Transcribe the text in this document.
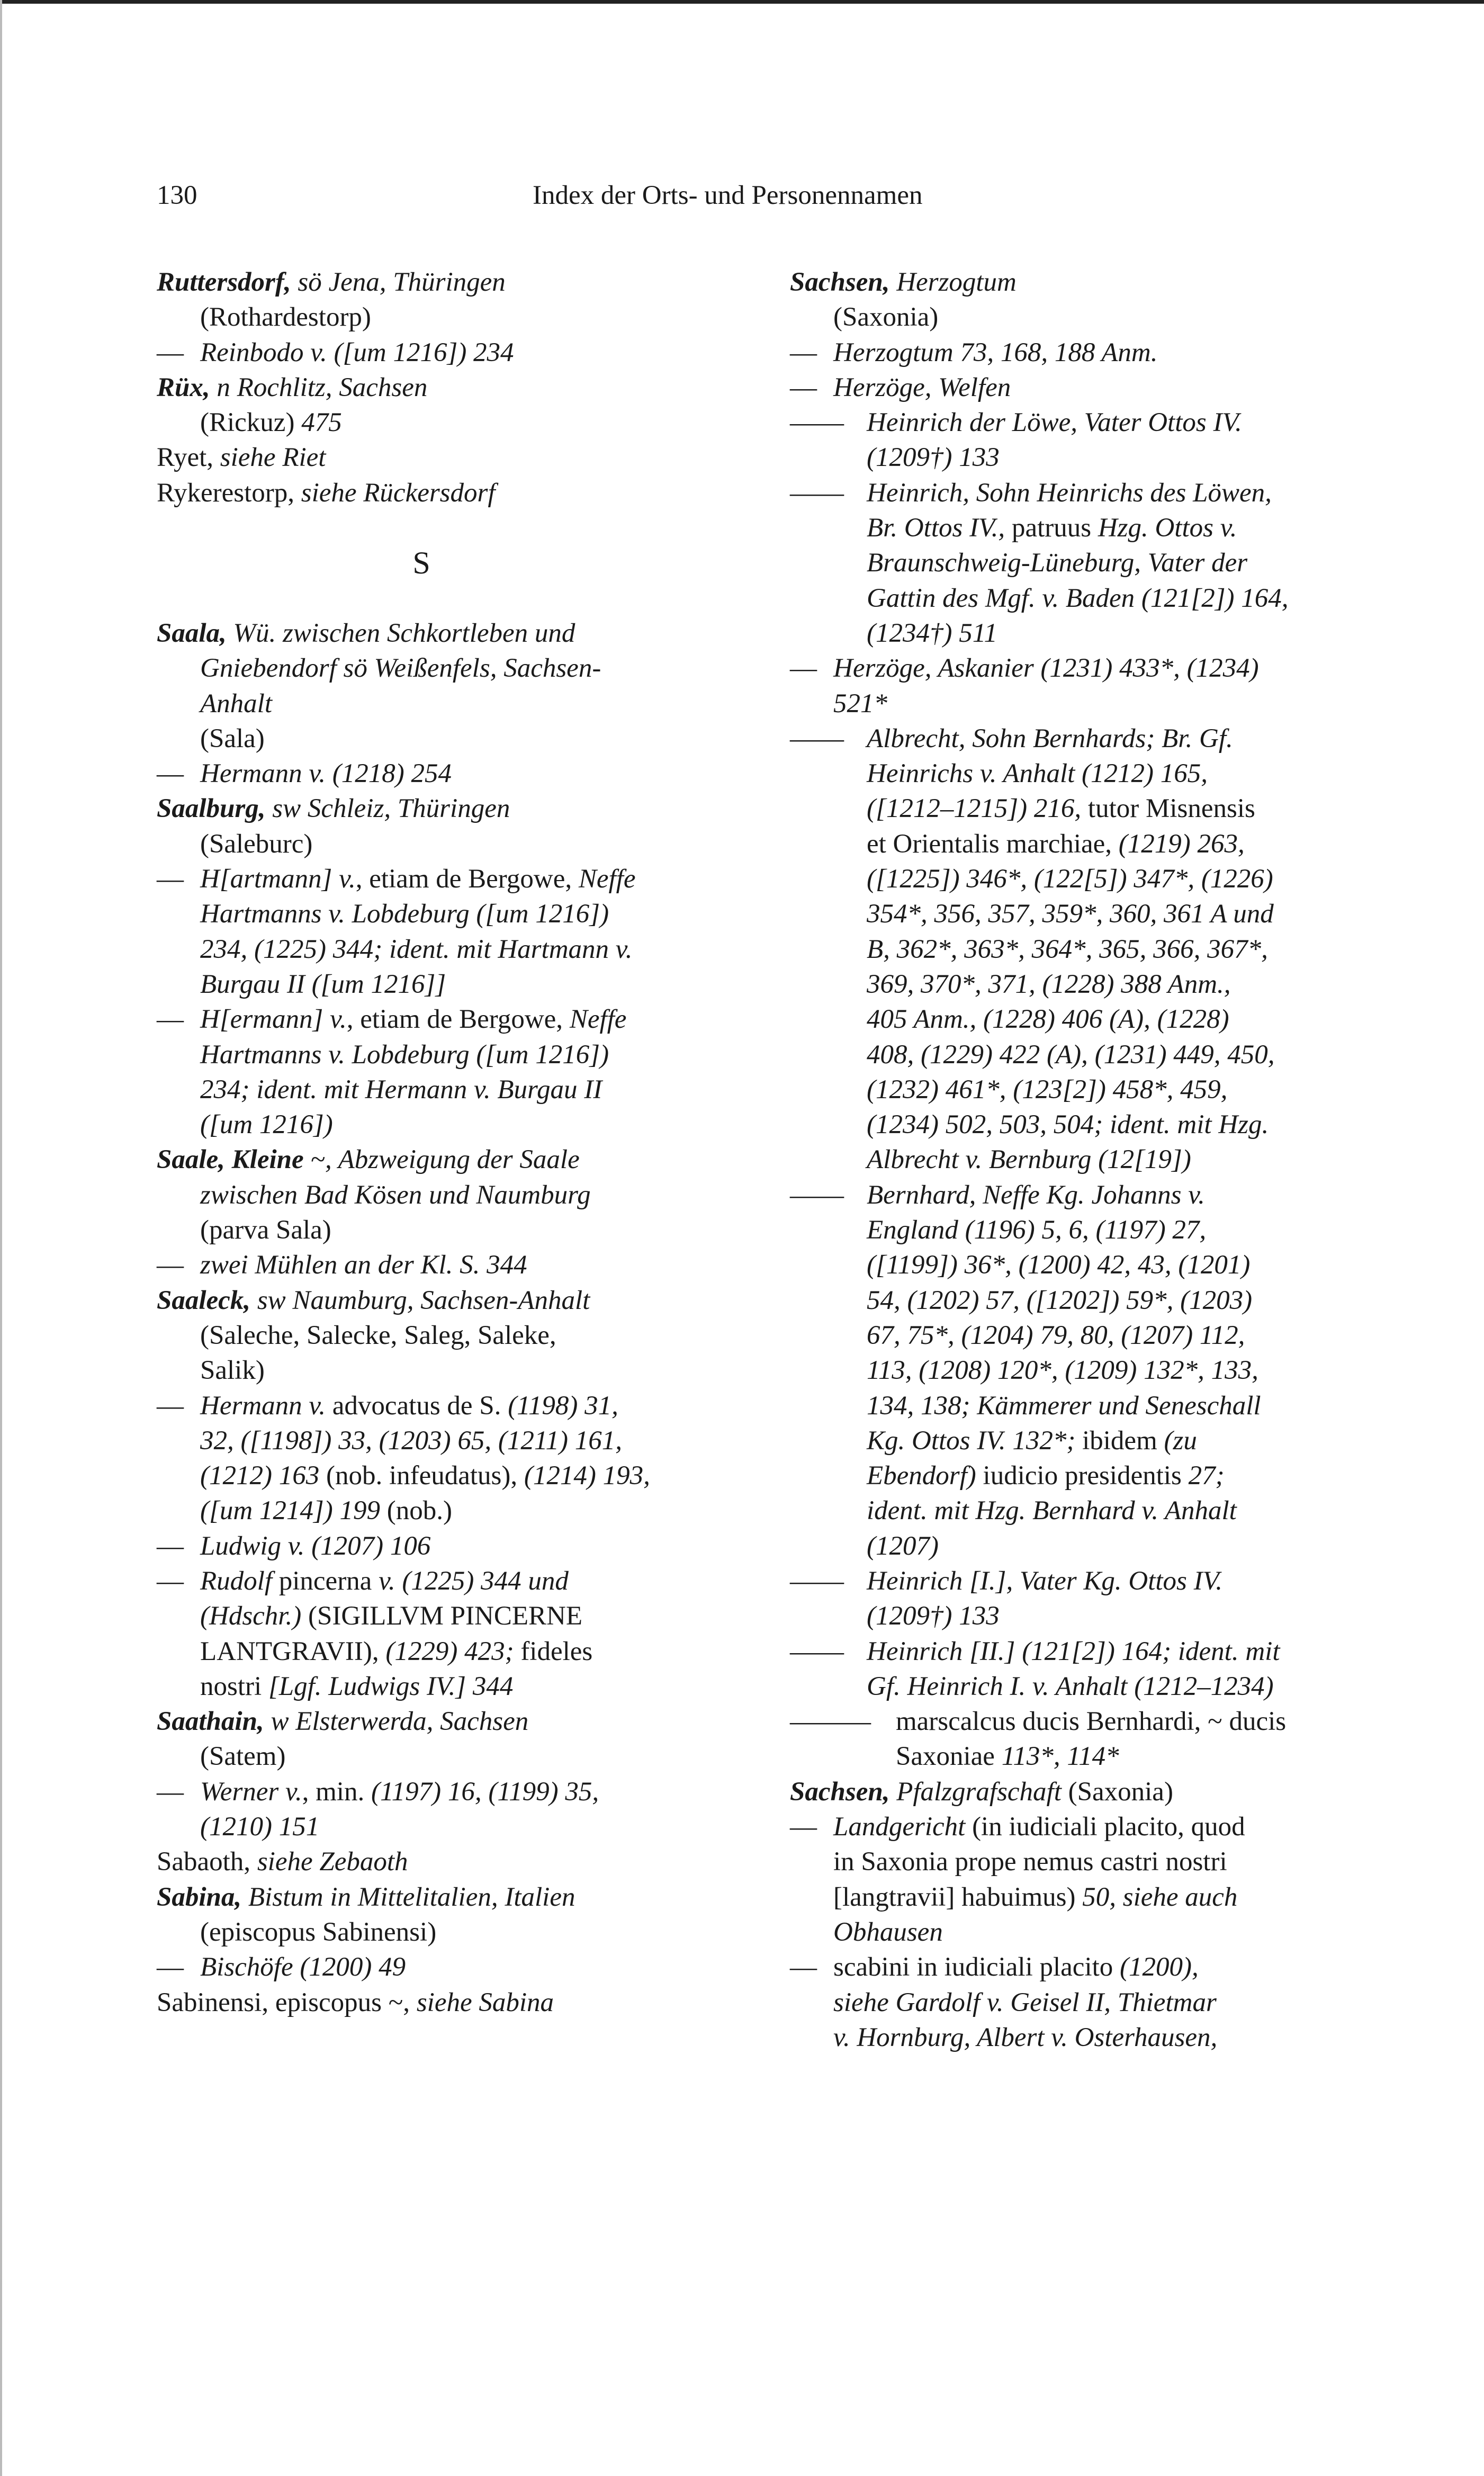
130	Index der Orts- und Personennamen
Ruttersdorf, sö Jena, Thüringen
(Rothardestorp)
— Reinbodo v. ([um 1216]) 234
Rüx, n Rochlitz, Sachsen
(Rickuz) 475
Ryet, siehe Riet
Rykerestorp, siehe Rückersdorf
S
Saala, Wü. zwischen Schkortleben und
Gniebendorf sö Weißenfels, Sachsen-
Anhalt
(Sala)
— Hermann v. (1218) 254
Saalburg, sw Schleiz, Thüringen
(Saleburc)
— H[artmann] v., etiam de Bergowe, Neffe
Hartmanns v. Lobdeburg ([um 1216])
234, (1225) 344; ident. mit Hartmann v.
Burgau II ([um 1216]]
— H[ermann] v., etiam de Bergowe, Neffe
Hartmanns v. Lobdeburg ([um 1216])
234; ident. mit Hermann v. Burgau II
([um 1216])
Saale, Kleine ~, Abzweigung der Saale
zwischen Bad Kösen und Naumburg
(parva Sala)
— zwei Mühlen an der Kl. S. 344
Saaleck, sw Naumburg, Sachsen-Anhalt
(Saleche, Salecke, Saleg, Saleke,
Salik)
— Hermann v. advocatus de S. (1198) 31,
32, ([1198]) 33, (1203) 65, (1211) 161,
(1212) 163 (nob. infeudatus), (1214) 193,
([um 1214]) 199 (nob.)
— Ludwig v. (1207) 106
— Rudolf pincerna v. (1225) 344 und
(Hdschr.) (SIGILLVM PINCERNE
LANTGRAVII), (1229) 423; fideles
nostri [Lgf. Ludwigs IV.] 344
Saathain, w Elsterwerda, Sachsen
(Satem)
— Werner v., min. (1197) 16, (1199) 35,
(1210) 151
Sabaoth, siehe Zebaoth
Sabina, Bistum in Mittelitalien, Italien
(episcopus Sabinensi)
— Bischöfe (1200) 49
Sabinensi, episcopus ~, siehe Sabina
Sachsen, Herzogtum
(Saxonia)
— Herzogtum 73, 168, 188 Anm.
— Herzöge, Welfen
—— Heinrich der Löwe, Vater Ottos IV.
(1209†) 133
—— Heinrich, Sohn Heinrichs des Löwen,
Br. Ottos IV., patruus Hzg. Ottos v.
Braunschweig-Lüneburg, Vater der
Gattin des Mgf. v. Baden (121[2]) 164,
(1234†) 511
— Herzöge, Askanier (1231) 433*, (1234)
521*
—— Albrecht, Sohn Bernhards; Br. Gf.
Heinrichs v. Anhalt (1212) 165,
([1212–1215]) 216, tutor Misnensis
et Orientalis marchiae, (1219) 263,
([1225]) 346*, (122[5]) 347*, (1226)
354*, 356, 357, 359*, 360, 361 A und
B, 362*, 363*, 364*, 365, 366, 367*,
369, 370*, 371, (1228) 388 Anm.,
405 Anm., (1228) 406 (A), (1228)
408, (1229) 422 (A), (1231) 449, 450,
(1232) 461*, (123[2]) 458*, 459,
(1234) 502, 503, 504; ident. mit Hzg.
Albrecht v. Bernburg (12[19])
—— Bernhard, Neffe Kg. Johanns v.
England (1196) 5, 6, (1197) 27,
([1199]) 36*, (1200) 42, 43, (1201)
54, (1202) 57, ([1202]) 59*, (1203)
67, 75*, (1204) 79, 80, (1207) 112,
113, (1208) 120*, (1209) 132*, 133,
134, 138; Kämmerer und Seneschall
Kg. Ottos IV. 132*; ibidem (zu
Ebendorf) iudicio presidentis 27;
ident. mit Hzg. Bernhard v. Anhalt
(1207)
—— Heinrich [I.], Vater Kg. Ottos IV.
(1209†) 133
—— Heinrich [II.] (121[2]) 164; ident. mit
Gf. Heinrich I. v. Anhalt (1212–1234)
——— marscalcus ducis Bernhardi, ~ ducis
Saxoniae 113*, 114*
Sachsen, Pfalzgrafschaft (Saxonia)
— Landgericht (in iudiciali placito, quod
in Saxonia prope nemus castri nostri
[langtravii] habuimus) 50, siehe auch
Obhausen
— scabini in iudiciali placito (1200),
siehe Gardolf v. Geisel II, Thietmar
v. Hornburg, Albert v. Osterhausen,
